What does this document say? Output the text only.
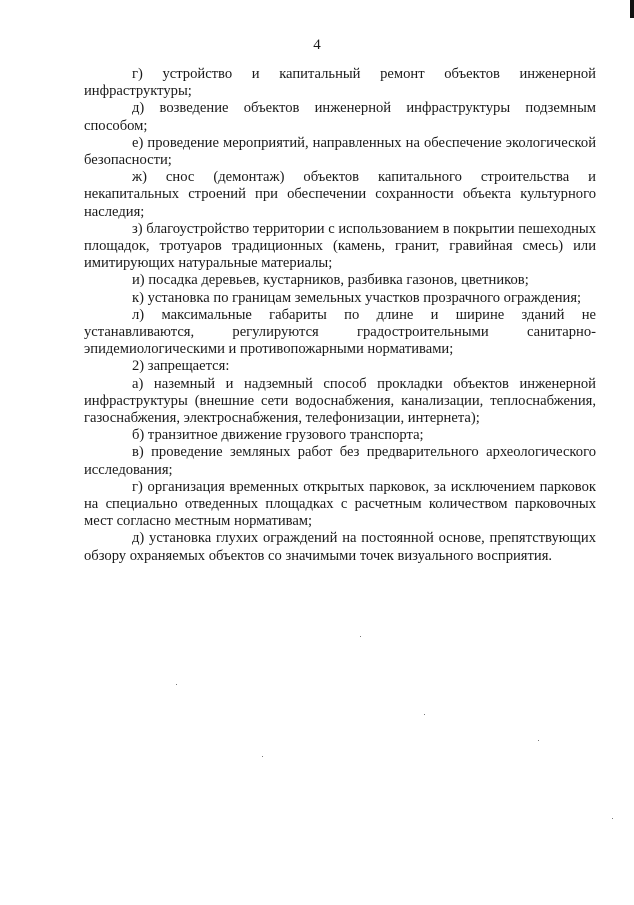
4

г) устройство и капитальный ремонт объектов инженерной инфраструктуры;

д) возведение объектов инженерной инфраструктуры подземным способом;

е) проведение мероприятий, направленных на обеспечение экологической безопасности;

ж) снос (демонтаж) объектов капитального строительства и некапитальных строений при обеспечении сохранности объекта культурного наследия;

з) благоустройство территории с использованием в покрытии пешеходных площадок, тротуаров традиционных (камень, гранит, гравийная смесь) или имитирующих натуральные материалы;

и) посадка деревьев, кустарников, разбивка газонов, цветников;

к) установка по границам земельных участков прозрачного ограждения;

л) максимальные габариты по длине и ширине зданий не устанавливаются, регулируются градостроительными санитарно-эпидемиологическими и противопожарными нормативами;

2) запрещается:

а) наземный и надземный способ прокладки объектов инженерной инфраструктуры (внешние сети водоснабжения, канализации, теплоснабжения, газоснабжения, электроснабжения, телефонизации, интернета);

б) транзитное движение грузового транспорта;

в) проведение земляных работ без предварительного археологического исследования;

г) организация временных открытых парковок, за исключением парковок на специально отведенных площадках с расчетным количеством парковочных мест согласно местным нормативам;

д) установка глухих ограждений на постоянной основе, препятствующих обзору охраняемых объектов со значимыми точек визуального восприятия.
